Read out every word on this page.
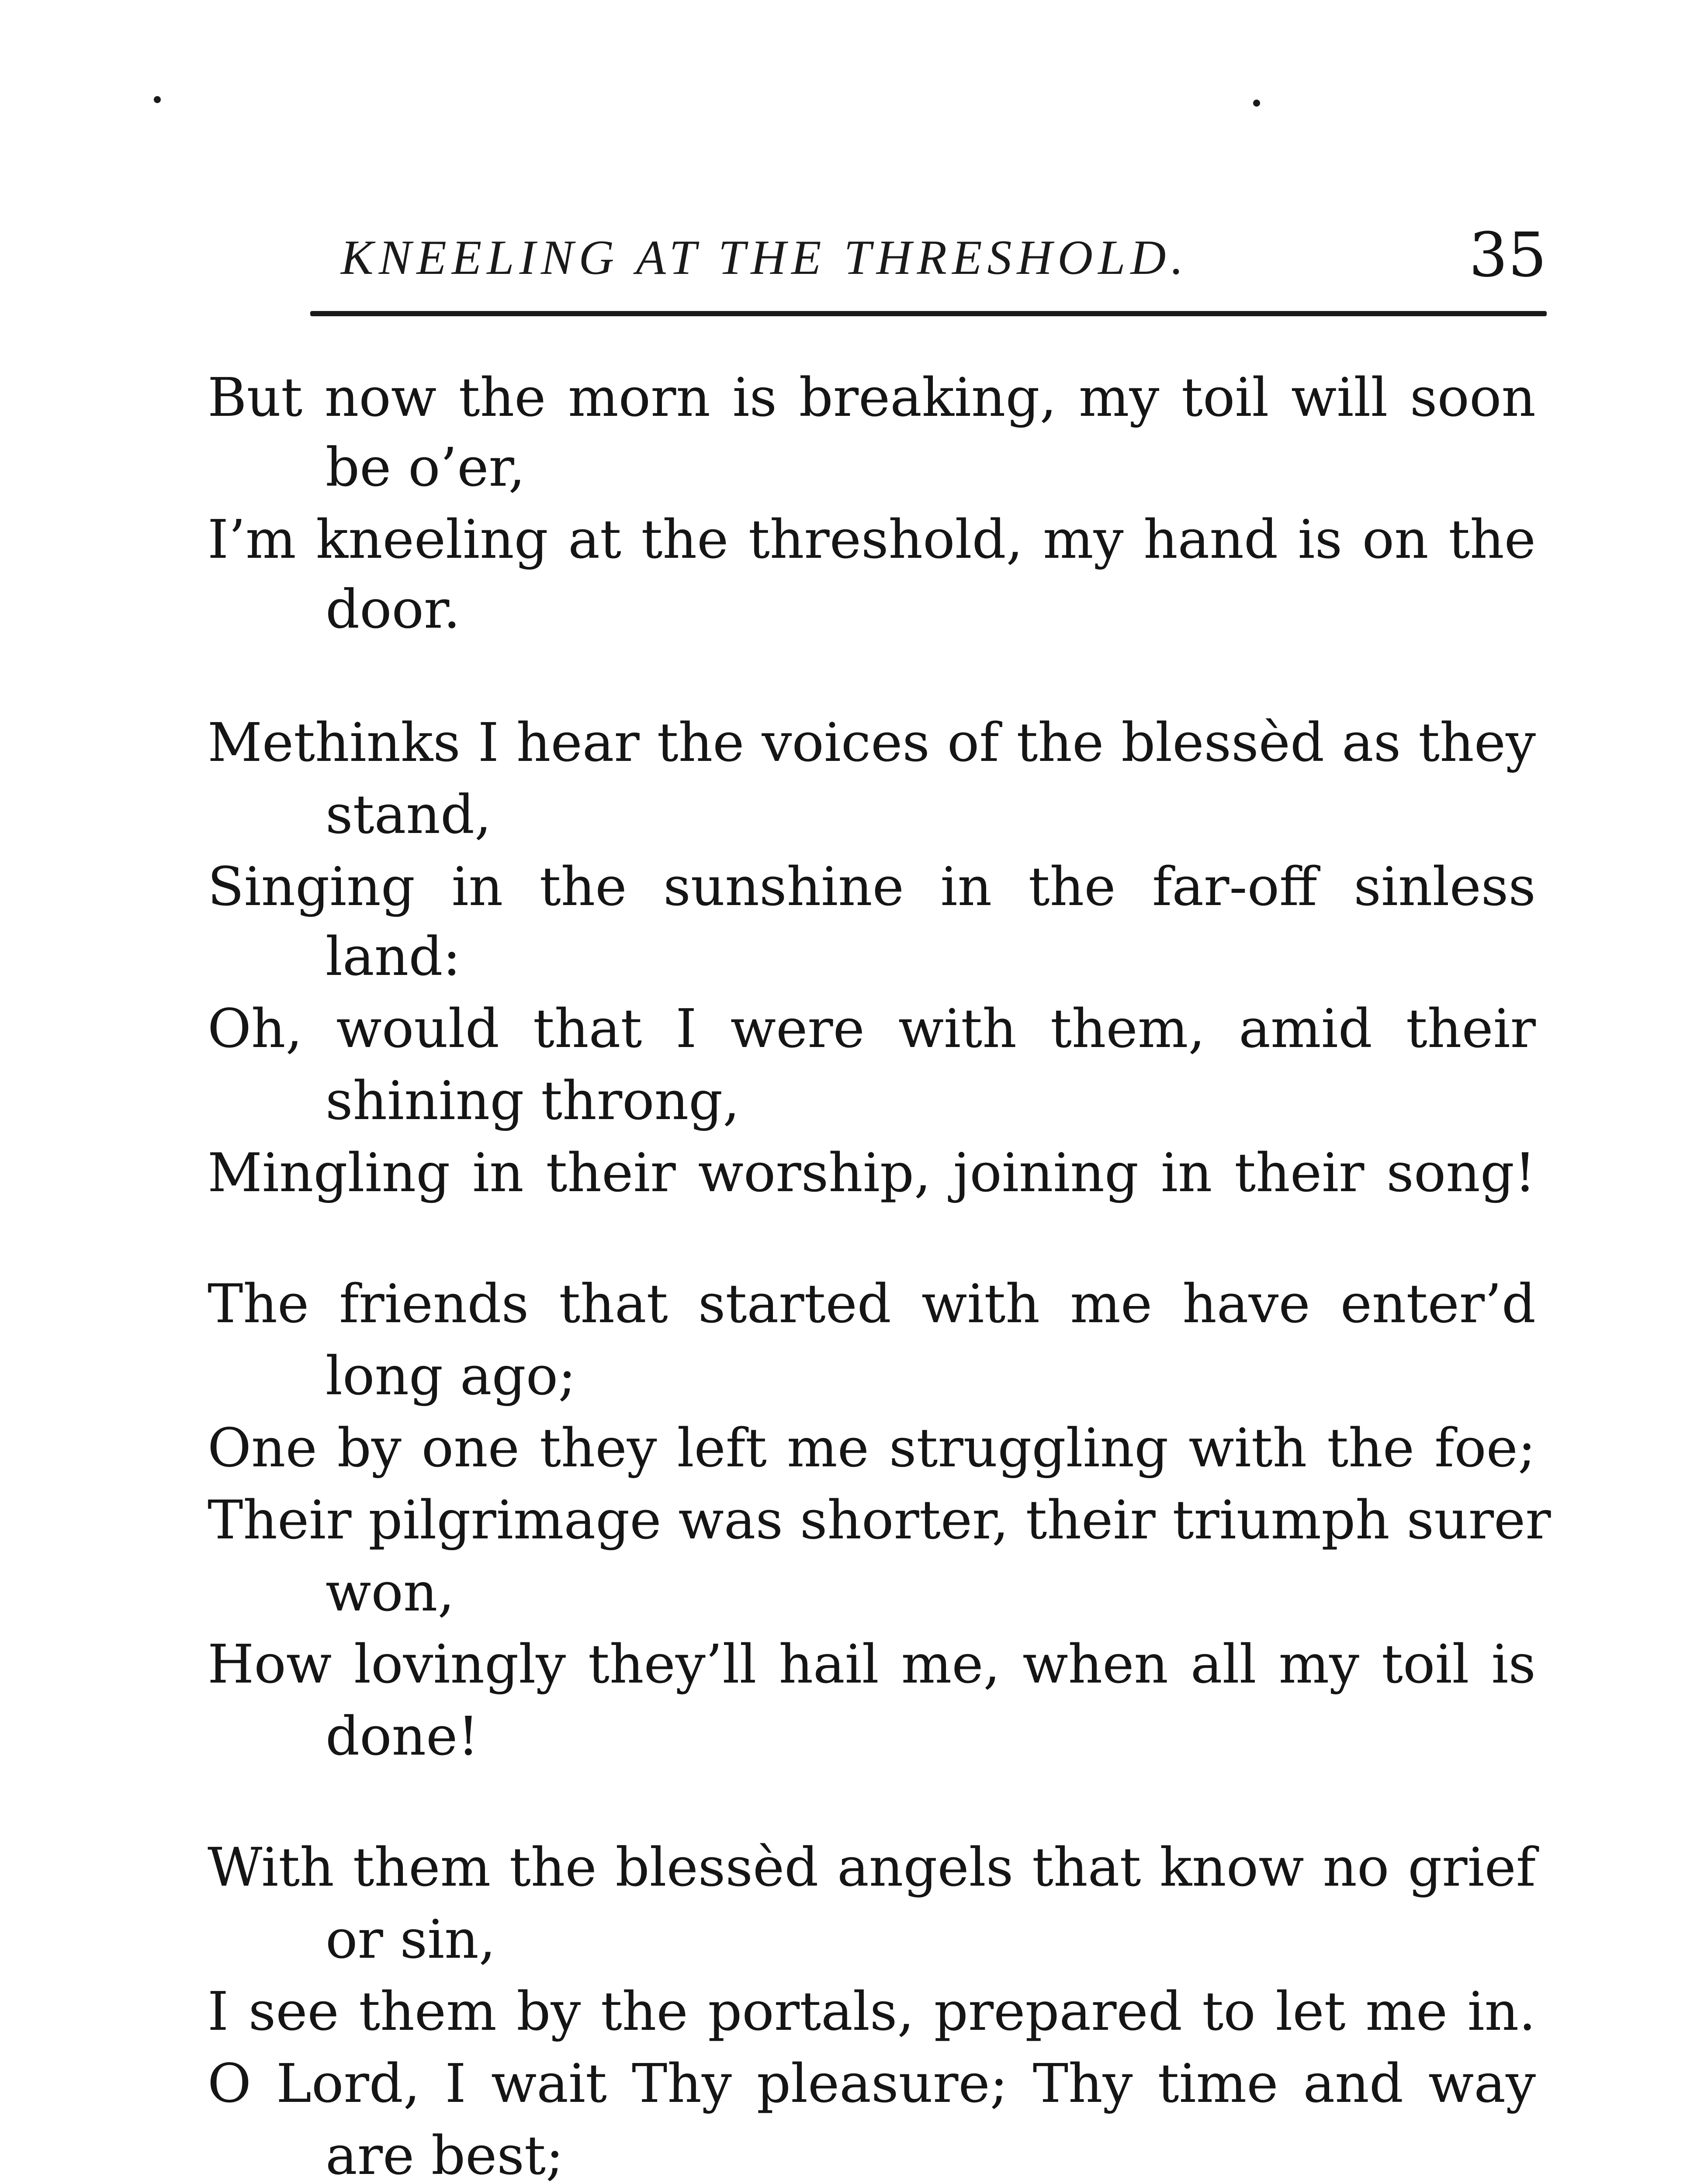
KNEELING AT THE THRESHOLD.	35
But now the morn is breaking, my toil will soon
be o’er,
I’m kneeling at the threshold, my hand is on the
door.
Methinks I hear the voices of the blessèd as they
stand,
Singing in the sunshine in the far-off sinless
land:
Oh, would that I were with them, amid their
shining throng,
Mingling in their worship, joining in their song!
The friends that started with me have enter’d
long ago;
One by one they left me struggling with the foe;
Their pilgrimage was shorter, their triumph surer
won,
How lovingly they’ll hail me, when all my toil is
done!
With them the blessèd angels that know no grief
or sin,
I see them by the portals, prepared to let me in.
O Lord, I wait Thy pleasure; Thy time and way
are best;
